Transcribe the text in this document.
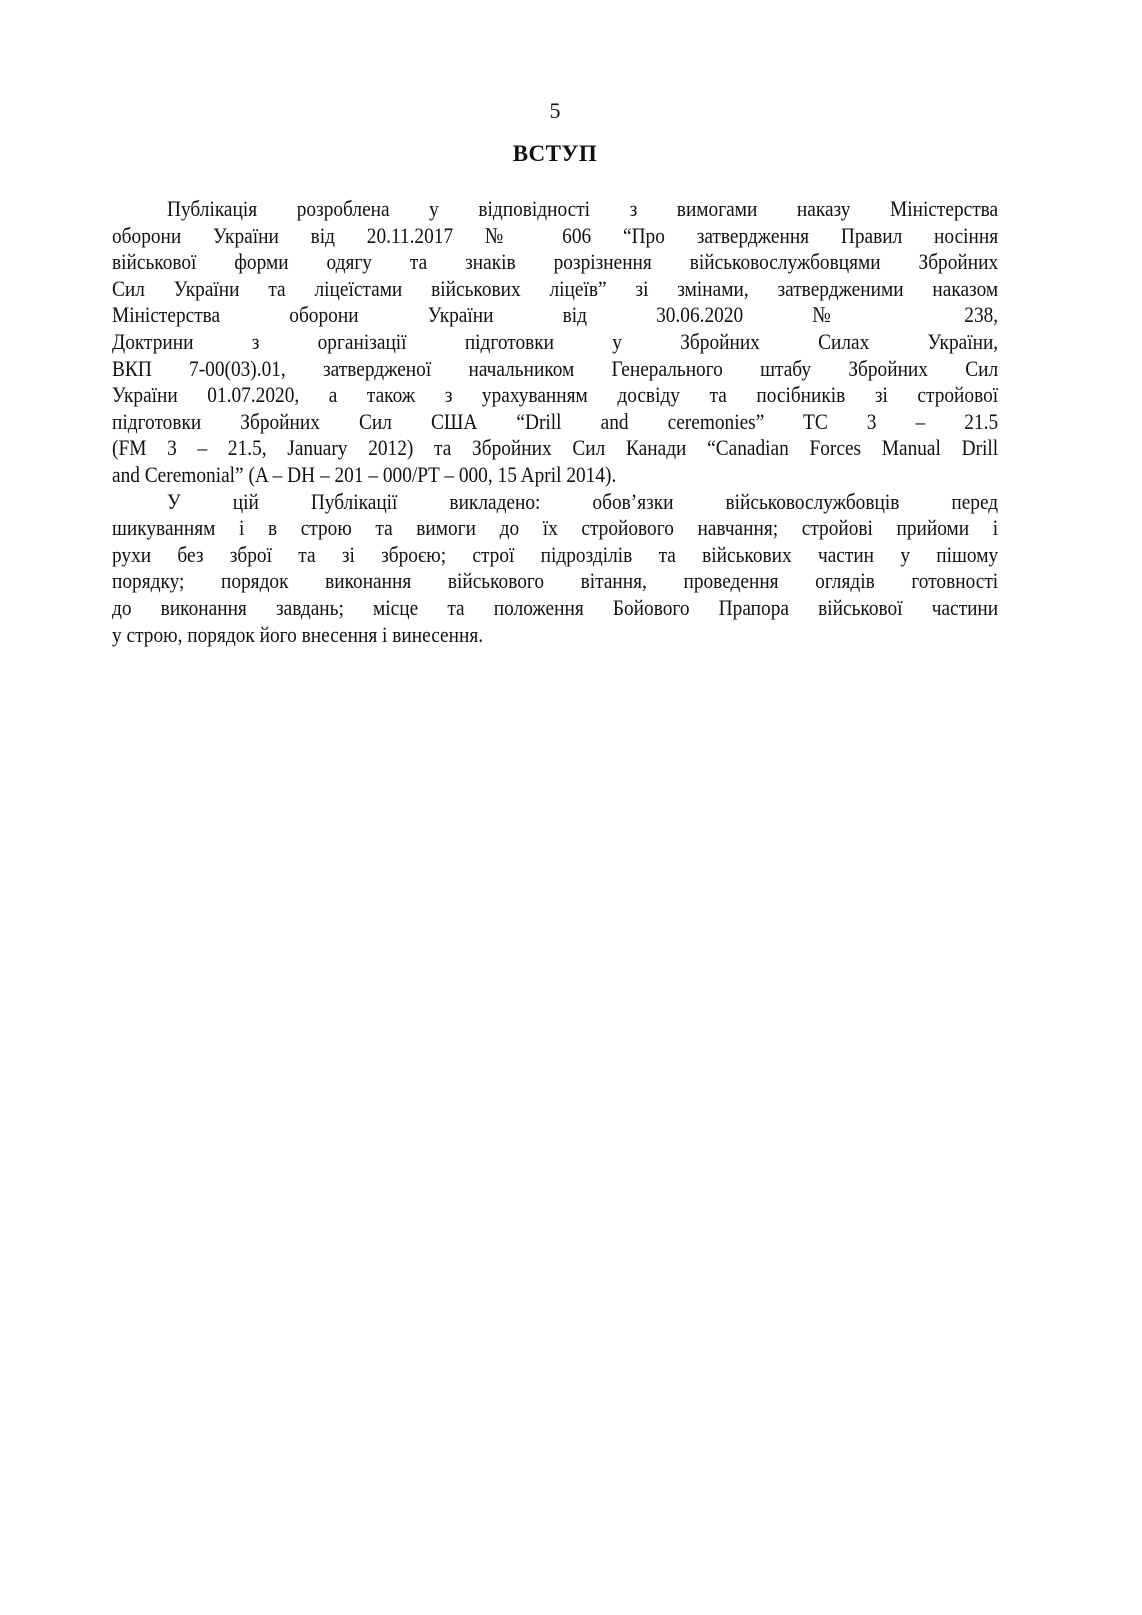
5
ВСТУП
Публікація розроблена у відповідності з вимогами наказу Міністерства
оборони України від 20.11.2017 № 606 “Про затвердження Правил носіння
військової форми одягу та знаків розрізнення військовослужбовцями Збройних
Сил України та ліцеїстами військових ліцеїв” зі змінами, затвердженими наказом
Міністерства оборони України від 30.06.2020 № 238,
Доктрини з організації підготовки у Збройних Силах України,
ВКП 7-00(03).01, затвердженої начальником Генерального штабу Збройних Сил
України 01.07.2020, а також з урахуванням досвіду та посібників зі стройової
підготовки Збройних Сил США “Drill and ceremonies” TC 3 – 21.5
(FM 3 – 21.5, January 2012) та Збройних Сил Канади “Canadian Forces Manual Drill
and Ceremonial” (A – DH – 201 – 000/PT – 000, 15 April 2014).
У цій Публікації викладено: обов’язки військовослужбовців перед
шикуванням і в строю та вимоги до їх стройового навчання; стройові прийоми і
рухи без зброї та зі зброєю; строї підрозділів та військових частин у пішому
порядку; порядок виконання військового вітання, проведення оглядів готовності
до виконання завдань; місце та положення Бойового Прапора військової частини
у строю, порядок його внесення і винесення.
